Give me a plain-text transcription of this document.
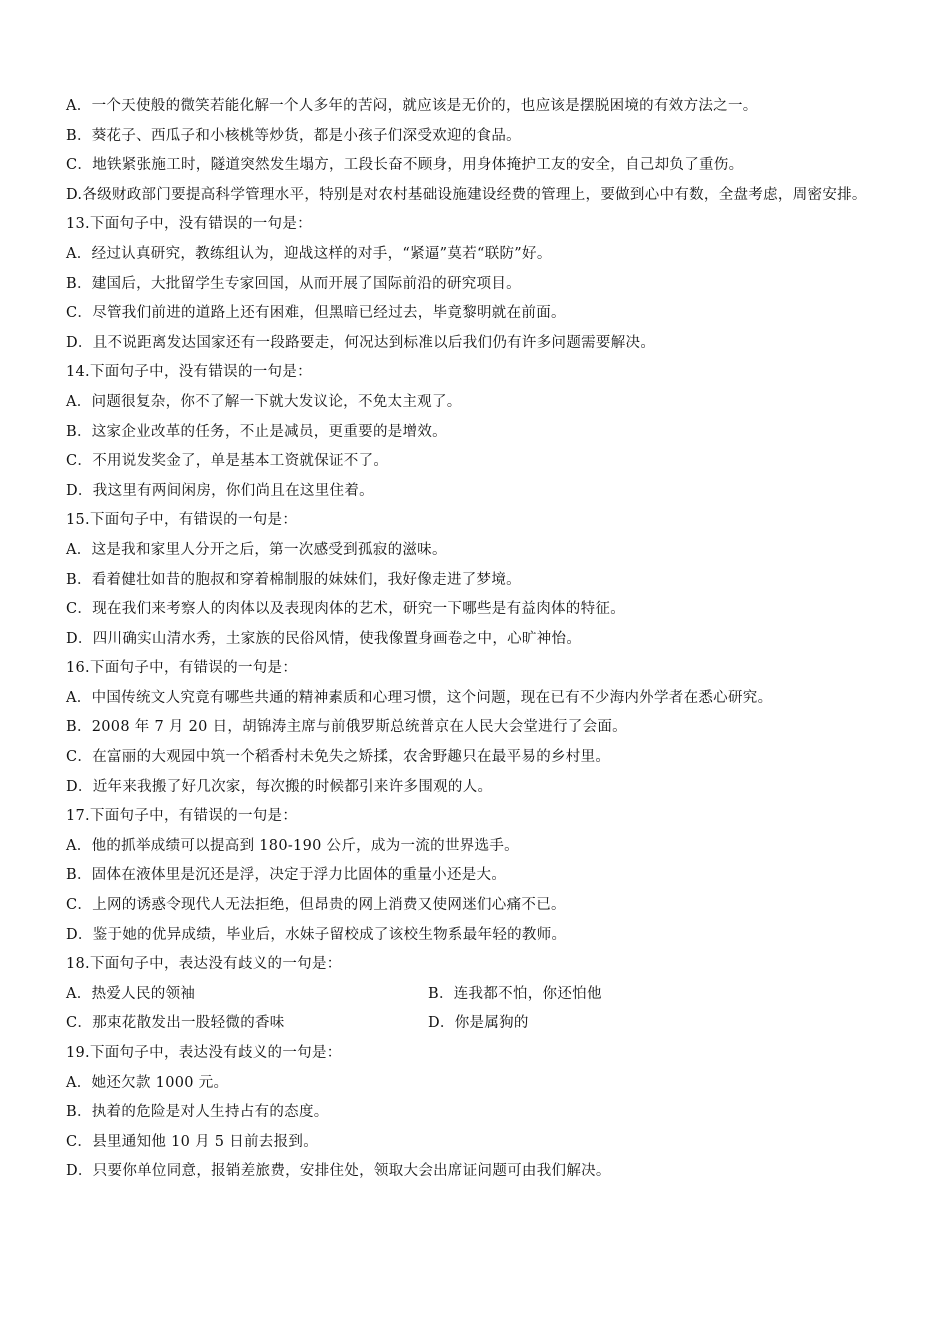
A．一个天使般的微笑若能化解一个人多年的苦闷，就应该是无价的，也应该是摆脱困境的有效方法之一。
B．葵花子、西瓜子和小核桃等炒货，都是小孩子们深受欢迎的食品。
C．地铁紧张施工时，隧道突然发生塌方，工段长奋不顾身，用身体掩护工友的安全，自己却负了重伤。
D.各级财政部门要提高科学管理水平，特别是对农村基础设施建设经费的管理上，要做到心中有数，全盘考虑，周密安排。
13.下面句子中，没有错误的一句是：
A．经过认真研究，教练组认为，迎战这样的对手，“紧逼”莫若“联防”好。
B．建国后，大批留学生专家回国，从而开展了国际前沿的研究项目。
C．尽管我们前进的道路上还有困难，但黑暗已经过去，毕竟黎明就在前面。
D．且不说距离发达国家还有一段路要走，何况达到标准以后我们仍有许多问题需要解决。
14.下面句子中，没有错误的一句是：
A．问题很复杂，你不了解一下就大发议论，不免太主观了。
B．这家企业改革的任务，不止是减员，更重要的是增效。
C．不用说发奖金了，单是基本工资就保证不了。
D．我这里有两间闲房，你们尚且在这里住着。
15.下面句子中，有错误的一句是：
A．这是我和家里人分开之后，第一次感受到孤寂的滋味。
B．看着健壮如昔的胞叔和穿着棉制服的妹妹们，我好像走进了梦境。
C．现在我们来考察人的肉体以及表现肉体的艺术，研究一下哪些是有益肉体的特征。
D．四川确实山清水秀，土家族的民俗风情，使我像置身画卷之中，心旷神怡。
16.下面句子中，有错误的一句是：
A．中国传统文人究竟有哪些共通的精神素质和心理习惯，这个问题，现在已有不少海内外学者在悉心研究。
B．2008 年 7 月 20 日，胡锦涛主席与前俄罗斯总统普京在人民大会堂进行了会面。
C．在富丽的大观园中筑一个稻香村未免失之矫揉，农舍野趣只在最平易的乡村里。
D．近年来我搬了好几次家，每次搬的时候都引来许多围观的人。
17.下面句子中，有错误的一句是：
A．他的抓举成绩可以提高到 180-190 公斤，成为一流的世界选手。
B．固体在液体里是沉还是浮，决定于浮力比固体的重量小还是大。
C．上网的诱惑令现代人无法拒绝，但昂贵的网上消费又使网迷们心痛不已。
D．鉴于她的优异成绩，毕业后，水妹子留校成了该校生物系最年轻的教师。
18.下面句子中，表达没有歧义的一句是：
A．热爱人民的领袖	B．连我都不怕，你还怕他
C．那束花散发出一股轻微的香味	D．你是属狗的
19.下面句子中，表达没有歧义的一句是：
A．她还欠款 1000 元。
B．执着的危险是对人生持占有的态度。
C．县里通知他 10 月 5 日前去报到。
D．只要你单位同意，报销差旅费，安排住处，领取大会出席证问题可由我们解决。
